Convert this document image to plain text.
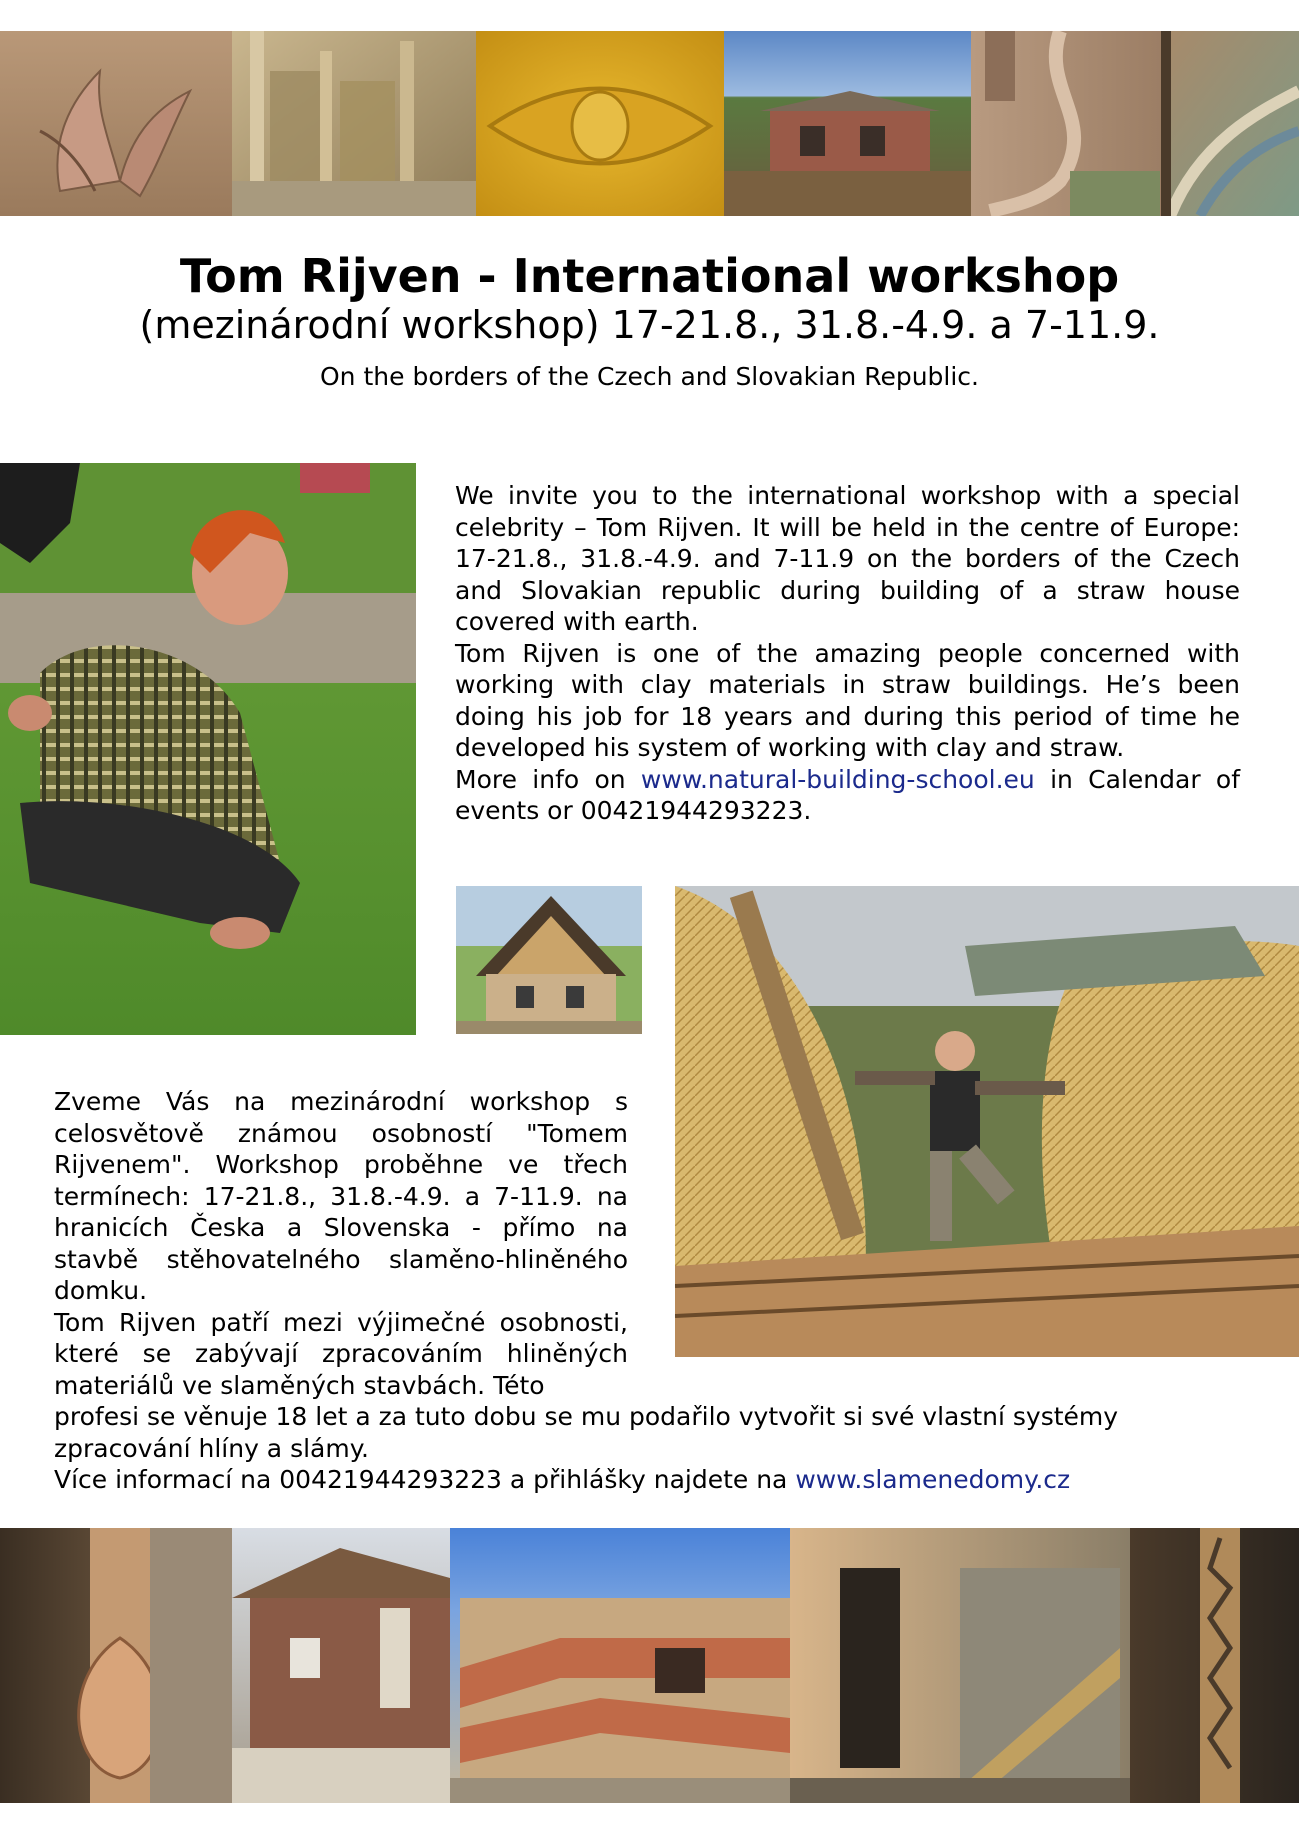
Tom Rijven - International workshop
(mezinárodní workshop) 17-21.8., 31.8.-4.9. a 7-11.9.
On the borders of the Czech and Slovakian Republic.

We invite you to the international workshop with a special celebrity – Tom Rijven. It will be held in the centre of Europe: 17-21.8., 31.8.-4.9. and 7-11.9 on the borders of the Czech and Slovakian republic during building of a straw house covered with earth.

Tom Rijven is one of the amazing people concerned with working with clay materials in straw buildings. He’s been doing his job for 18 years and during this period of time he developed his system of working with clay and straw.

More info on www.natural-building-school.eu in Calendar of events or 00421944293223.

Zveme Vás na mezinárodní workshop s celosvětově známou osobností "Tomem Rijvenem". Workshop proběhne ve třech termínech: 17-21.8., 31.8.-4.9. a 7-11.9. na hranicích Česka a Slovenska - přímo na stavbě stěhovatelného slaměno-hliněného domku.

Tom Rijven patří mezi výjimečné osobnosti, které se zabývají zpracováním hliněných materiálů ve slaměných stavbách. Této

profesi se věnuje 18 let a za tuto dobu se mu podařilo vytvořit si své vlastní systémy zpracování hlíny a slámy.

Více informací na 00421944293223 a přihlášky najdete na www.slamenedomy.cz
